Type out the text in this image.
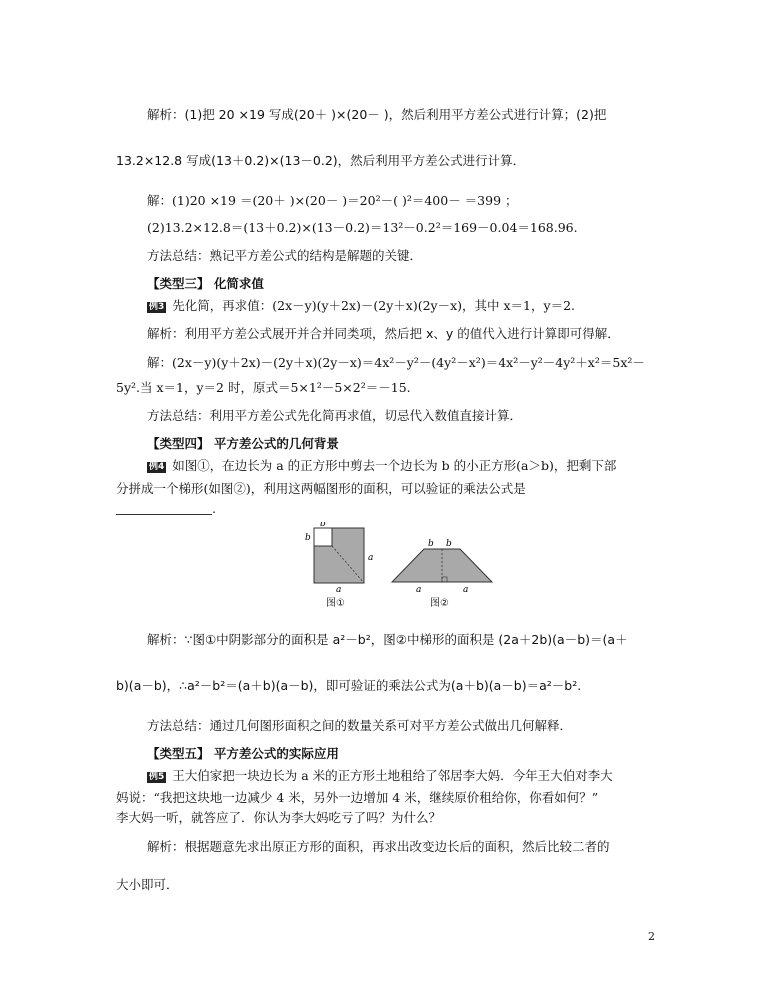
解析：(1)把 20 ×19 写成(20＋ )×(20－ )，然后利用平方差公式进行计算；(2)把
13.2×12.8 写成(13＋0.2)×(13－0.2)，然后利用平方差公式进行计算．
解：(1)20 ×19 ＝(20＋ )×(20－ )＝20²－( )²＝400－ ＝399 ；
(2)13.2×12.8＝(13＋0.2)×(13－0.2)＝13²－0.2²＝169－0.04＝168.96.
方法总结：熟记平方差公式的结构是解题的关键．
【类型三】 化简求值
例3 先化简，再求值：(2x－y)(y＋2x)－(2y＋x)(2y－x)，其中 x＝1，y＝2.
解析：利用平方差公式展开并合并同类项，然后把 x、y 的值代入进行计算即可得解．
解：(2x－y)(y＋2x)－(2y＋x)(2y－x)＝4x²－y²－(4y²－x²)＝4x²－y²－4y²＋x²＝5x²－
5y².当 x＝1，y＝2 时，原式＝5×1²－5×2²＝－15.
方法总结：利用平方差公式先化简再求值，切忌代入数值直接计算．
【类型四】 平方差公式的几何背景
例4 如图①，在边长为 a 的正方形中剪去一个边长为 b 的小正方形(a＞b)，把剩下部
分拼成一个梯形(如图②)，利用这两幅图形的面积，可以验证的乘法公式是
.
b
b
a
a
b b
a	a
图①	图②
解析：∵图①中阴影部分的面积是 a²－b²，图②中梯形的面积是 (2a＋2b)(a－b)＝(a＋
b)(a－b)，∴a²－b²＝(a＋b)(a－b)，即可验证的乘法公式为(a＋b)(a－b)＝a²－b².
方法总结：通过几何图形面积之间的数量关系可对平方差公式做出几何解释．
【类型五】 平方差公式的实际应用
例5 王大伯家把一块边长为 a 米的正方形土地租给了邻居李大妈．今年王大伯对李大
妈说：“我把这块地一边减少 4 米，另外一边增加 4 米，继续原价租给你，你看如何？”
李大妈一听，就答应了．你认为李大妈吃亏了吗？为什么？
解析：根据题意先求出原正方形的面积，再求出改变边长后的面积，然后比较二者的
大小即可．
2
